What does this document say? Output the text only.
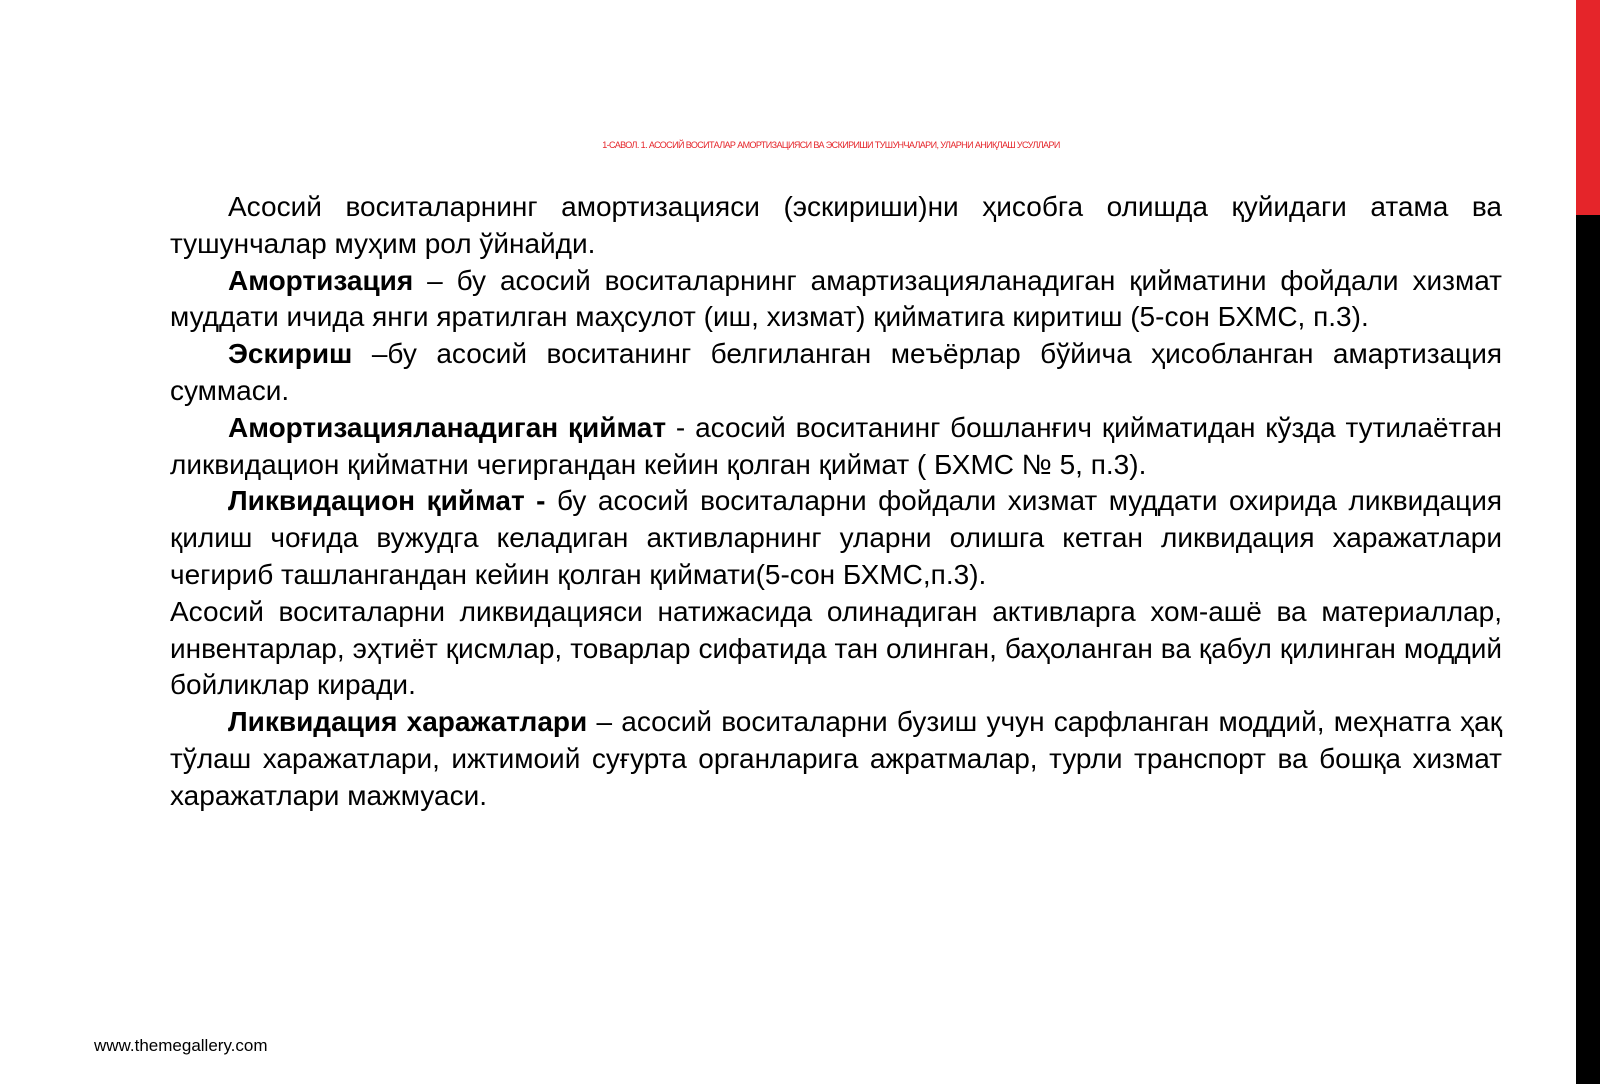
1-САВОЛ. 1. АСОСИЙ ВОСИТАЛАР АМОРТИЗАЦИЯСИ ВА ЭСКИРИШИ ТУШУНЧАЛАРИ, УЛАРНИ АНИҚЛАШ УСУЛЛАРИ

Асосий воситаларнинг амортизацияси (эскириши)ни ҳисобга олишда қуйидаги атама ва тушунчалар муҳим рол ўйнайди.

Амортизация – бу асосий воситаларнинг амартизацияланадиган қийматини фойдали хизмат муддати ичида янги яратилган маҳсулот (иш, хизмат) қийматига киритиш (5-сон БХМС, п.3).

Эскириш –бу асосий воситанинг белгиланган меъёрлар бўйича ҳисобланган амартизация суммаси.

Амортизацияланадиган қиймат - асосий воситанинг бошланғич қийматидан кўзда тутилаётган ликвидацион қийматни чегиргандан кейин қолган қиймат ( БХМС № 5, п.3).

Ликвидацион қиймат - бу асосий воситаларни фойдали хизмат муддати охирида ликвидация қилиш чоғида вужудга келадиган активларнинг уларни олишга кетган ликвидация харажатлари чегириб ташлангандан кейин қолган қиймати(5-сон БХМС,п.3).

Асосий воситаларни ликвидацияси натижасида олинадиган активларга хом-ашё ва материаллар, инвентарлар, эҳтиёт қисмлар, товарлар сифатида тан олинган, баҳоланган ва қабул қилинган моддий бойликлар киради.

Ликвидация харажатлари – асосий воситаларни бузиш учун сарфланган моддий, меҳнатга ҳақ тўлаш харажатлари, ижтимоий суғурта органларига ажратмалар, турли транспорт ва бошқа хизмат харажатлари мажмуаси.

www.themegallery.com
